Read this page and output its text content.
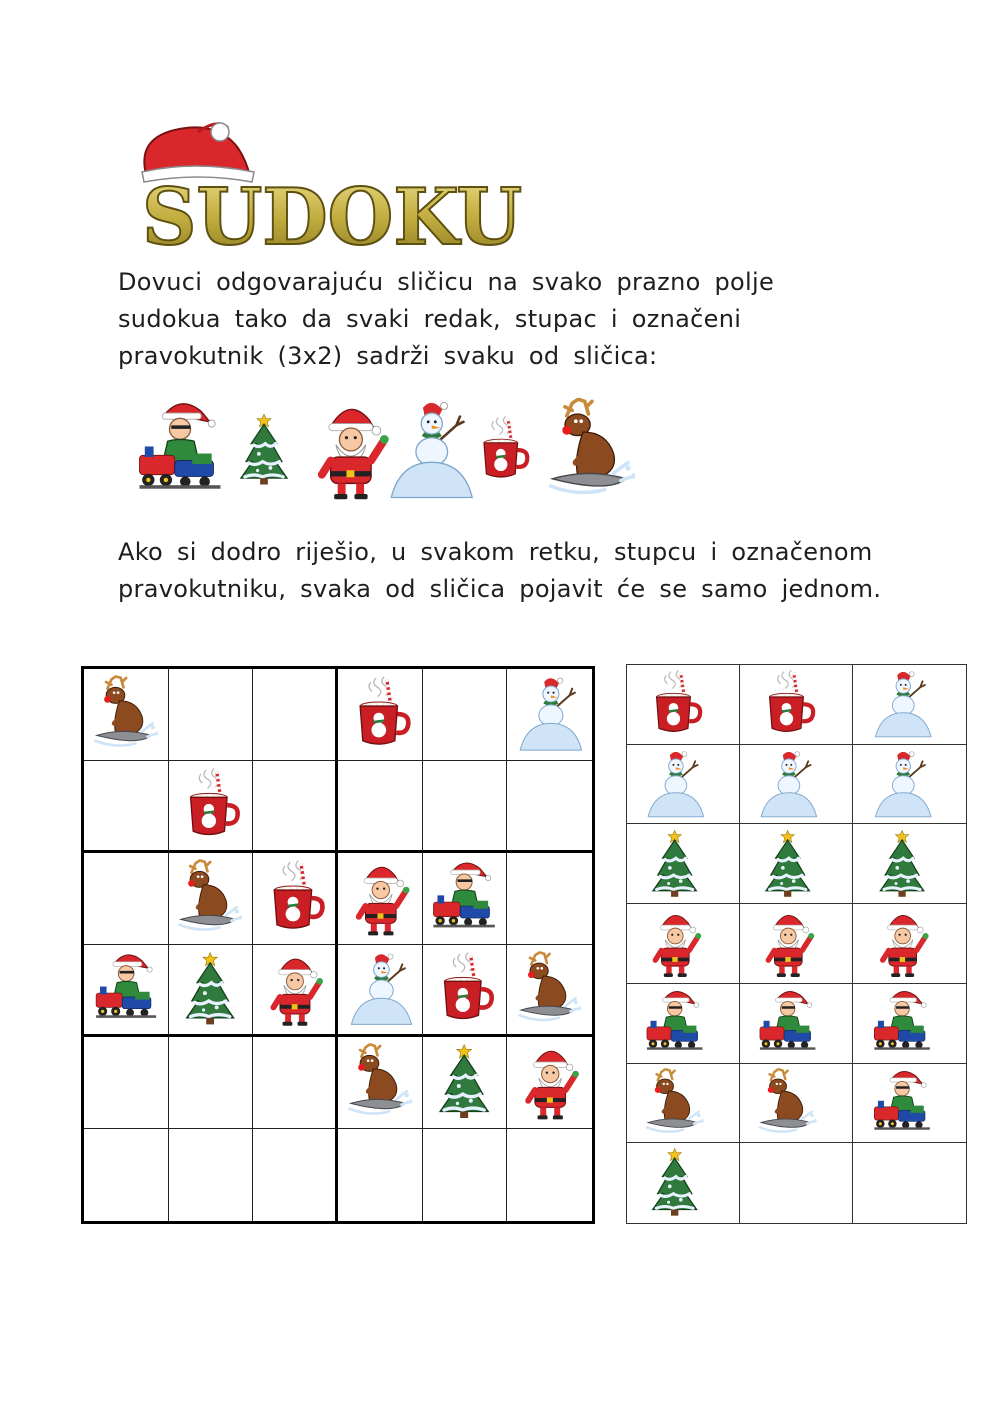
SUDOKU

Dovuci odgovarajuću sličicu na svako prazno polje sudokua tako da svaki redak, stupac i označeni pravokutnik (3x2) sadrži svaku od sličica:

Ako si dodro riješio, u svakom retku, stupcu i označenom pravokutniku, svaka od sličica pojavit će se samo jednom.
